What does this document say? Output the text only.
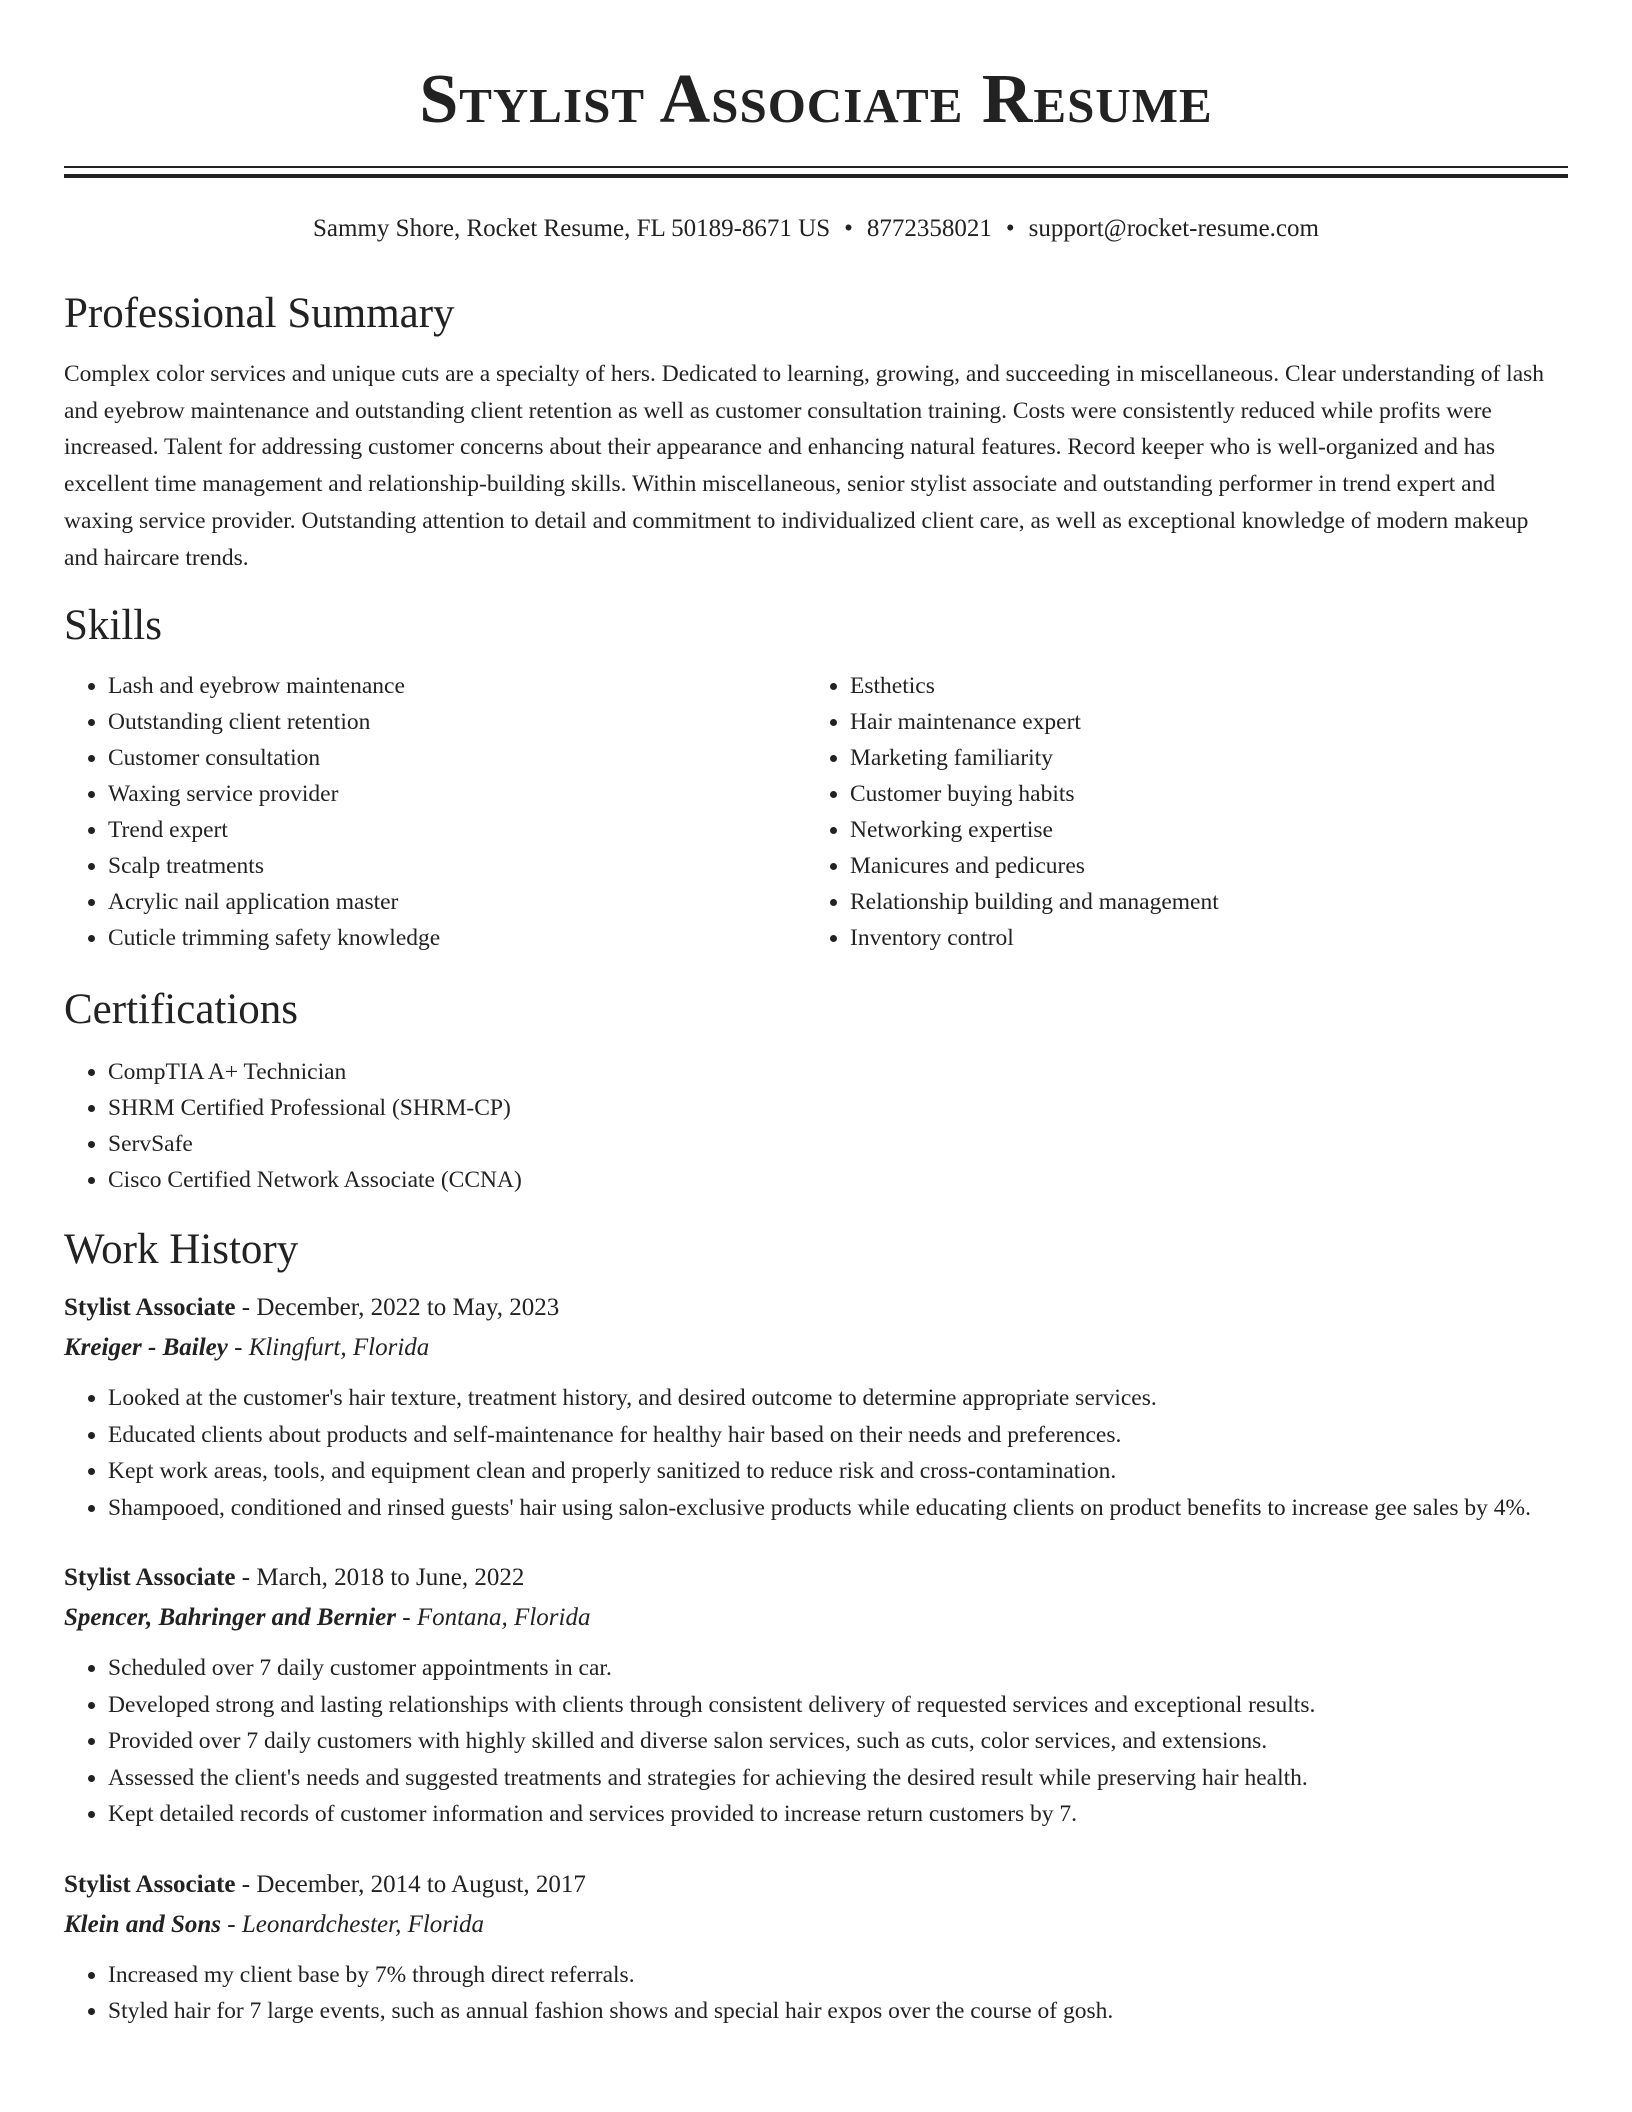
Stylist Associate Resume
Sammy Shore, Rocket Resume, FL 50189-8671 US • 8772358021 • support@rocket-resume.com
Professional Summary

Complex color services and unique cuts are a specialty of hers. Dedicated to learning, growing, and succeeding in miscellaneous. Clear understanding of lash and eyebrow maintenance and outstanding client retention as well as customer consultation training. Costs were consistently reduced while profits were increased. Talent for addressing customer concerns about their appearance and enhancing natural features. Record keeper who is well-organized and has excellent time management and relationship-building skills. Within miscellaneous, senior stylist associate and outstanding performer in trend expert and waxing service provider. Outstanding attention to detail and commitment to individualized client care, as well as exceptional knowledge of modern makeup and haircare trends.

Skills
• Lash and eyebrow maintenance
• Outstanding client retention
• Customer consultation
• Waxing service provider
• Trend expert
• Scalp treatments
• Acrylic nail application master
• Cuticle trimming safety knowledge
• Esthetics
• Hair maintenance expert
• Marketing familiarity
• Customer buying habits
• Networking expertise
• Manicures and pedicures
• Relationship building and management
• Inventory control
Certifications
• CompTIA A+ Technician
• SHRM Certified Professional (SHRM-CP)
• ServSafe
• Cisco Certified Network Associate (CCNA)
Work History
Stylist Associate - December, 2022 to May, 2023
Kreiger - Bailey - Klingfurt, Florida
• Looked at the customer's hair texture, treatment history, and desired outcome to determine appropriate services.
• Educated clients about products and self-maintenance for healthy hair based on their needs and preferences.
• Kept work areas, tools, and equipment clean and properly sanitized to reduce risk and cross-contamination.
• Shampooed, conditioned and rinsed guests' hair using salon-exclusive products while educating clients on product benefits to increase gee sales by 4%.
Stylist Associate - March, 2018 to June, 2022
Spencer, Bahringer and Bernier - Fontana, Florida
• Scheduled over 7 daily customer appointments in car.
• Developed strong and lasting relationships with clients through consistent delivery of requested services and exceptional results.
• Provided over 7 daily customers with highly skilled and diverse salon services, such as cuts, color services, and extensions.
• Assessed the client's needs and suggested treatments and strategies for achieving the desired result while preserving hair health.
• Kept detailed records of customer information and services provided to increase return customers by 7.
Stylist Associate - December, 2014 to August, 2017
Klein and Sons - Leonardchester, Florida
• Increased my client base by 7% through direct referrals.
• Styled hair for 7 large events, such as annual fashion shows and special hair expos over the course of gosh.
